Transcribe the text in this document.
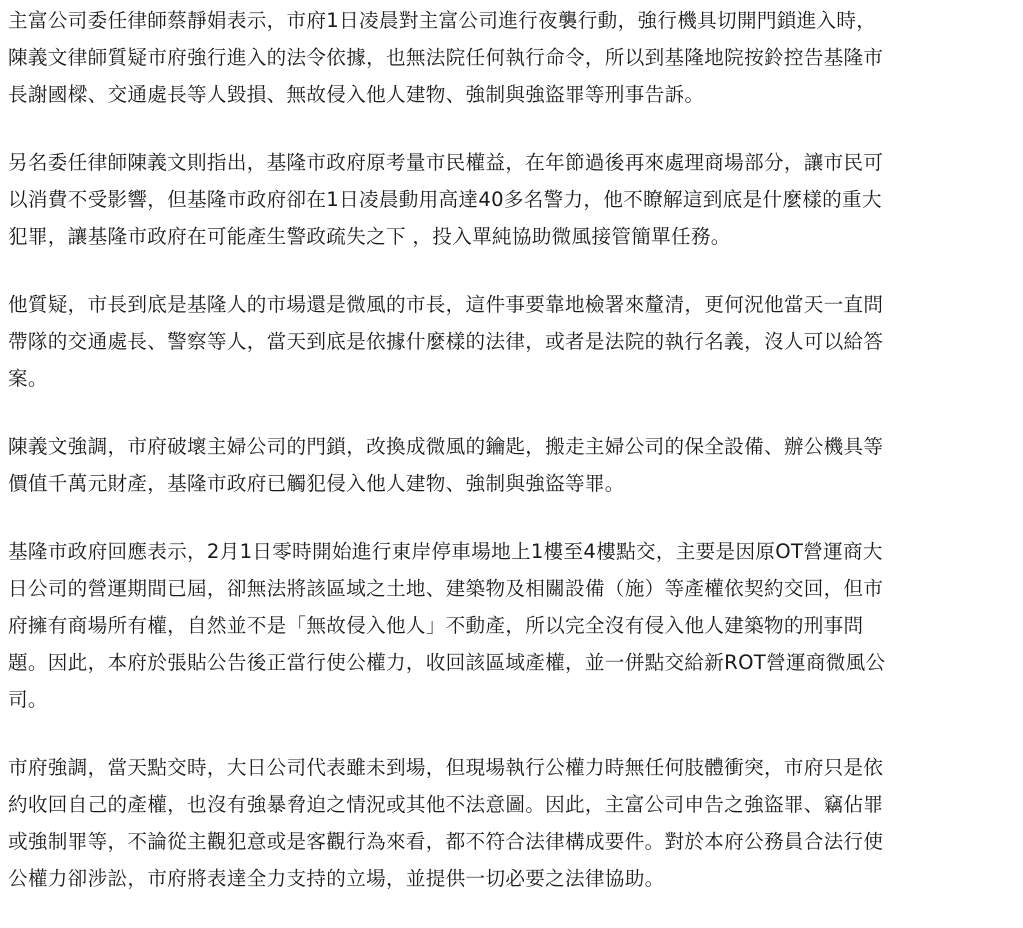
主富公司委任律師蔡靜娟表示，市府1日凌晨對主富公司進行夜襲行動，強行機具切開門鎖進入時，
陳義文律師質疑市府強行進入的法令依據，也無法院任何執行命令，所以到基隆地院按鈴控告基隆市
長謝國樑、交通處長等人毀損、無故侵入他人建物、強制與強盜罪等刑事告訴。

另名委任律師陳義文則指出，基隆市政府原考量市民權益，在年節過後再來處理商場部分，讓市民可
以消費不受影響，但基隆市政府卻在1日凌晨動用高達40多名警力，他不瞭解這到底是什麼樣的重大
犯罪，讓基隆市政府在可能產生警政疏失之下 ，投入單純協助微風接管簡單任務。

他質疑，市長到底是基隆人的市場還是微風的市長，這件事要靠地檢署來釐清，更何況他當天一直問
帶隊的交通處長、警察等人，當天到底是依據什麼樣的法律，或者是法院的執行名義，沒人可以給答
案。

陳義文強調，市府破壞主婦公司的門鎖，改換成微風的鑰匙，搬走主婦公司的保全設備、辦公機具等
價值千萬元財產，基隆市政府已觸犯侵入他人建物、強制與強盜等罪。

基隆市政府回應表示，2月1日零時開始進行東岸停車場地上1樓至4樓點交，主要是因原OT營運商大
日公司的營運期間已屆，卻無法將該區域之土地、建築物及相關設備（施）等產權依契約交回，但市
府擁有商場所有權，自然並不是「無故侵入他人」不動產，所以完全沒有侵入他人建築物的刑事問
題。因此，本府於張貼公告後正當行使公權力，收回該區域產權，並一併點交給新ROT營運商微風公
司。

市府強調，當天點交時，大日公司代表雖未到場，但現場執行公權力時無任何肢體衝突，市府只是依
約收回自己的產權，也沒有強暴脅迫之情況或其他不法意圖。因此，主富公司申告之強盜罪、竊佔罪
或強制罪等，不論從主觀犯意或是客觀行為來看，都不符合法律構成要件。對於本府公務員合法行使
公權力卻涉訟，市府將表達全力支持的立場，並提供一切必要之法律協助。
